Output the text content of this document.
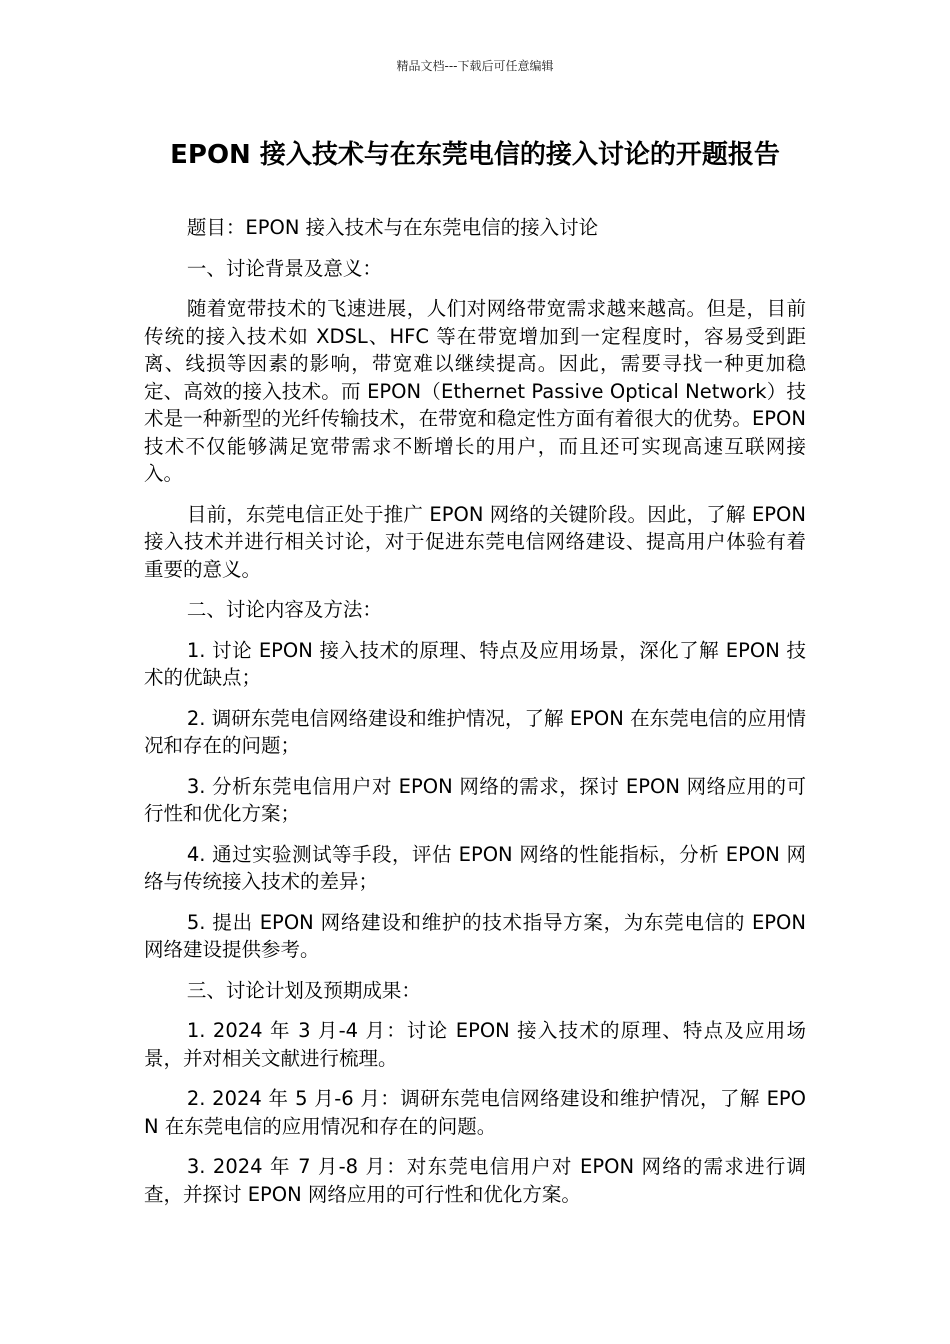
精品文档---下载后可任意编辑
EPON 接入技术与在东莞电信的接入讨论的开题报告

题目：EPON 接入技术与在东莞电信的接入讨论

一、讨论背景及意义：

随着宽带技术的飞速进展，人们对网络带宽需求越来越高。但是，目前传统的接入技术如 XDSL、HFC 等在带宽增加到一定程度时，容易受到距离、线损等因素的影响，带宽难以继续提高。因此，需要寻找一种更加稳定、高效的接入技术。而 EPON（Ethernet Passive Optical Network）技术是一种新型的光纤传输技术，在带宽和稳定性方面有着很大的优势。EPON 技术不仅能够满足宽带需求不断增长的用户，而且还可实现高速互联网接入。

目前，东莞电信正处于推广 EPON 网络的关键阶段。因此，了解 EPON 接入技术并进行相关讨论，对于促进东莞电信网络建设、提高用户体验有着重要的意义。

二、讨论内容及方法：

1. 讨论 EPON 接入技术的原理、特点及应用场景，深化了解 EPON 技术的优缺点；

2. 调研东莞电信网络建设和维护情况，了解 EPON 在东莞电信的应用情况和存在的问题；

3. 分析东莞电信用户对 EPON 网络的需求，探讨 EPON 网络应用的可行性和优化方案；

4. 通过实验测试等手段，评估 EPON 网络的性能指标，分析 EPON 网络与传统接入技术的差异；

5. 提出 EPON 网络建设和维护的技术指导方案，为东莞电信的 EPON 网络建设提供参考。

三、讨论计划及预期成果：

1. 2024 年 3 月-4 月：讨论 EPON 接入技术的原理、特点及应用场景，并对相关文献进行梳理。

2. 2024 年 5 月-6 月：调研东莞电信网络建设和维护情况，了解 EPON 在东莞电信的应用情况和存在的问题。

3. 2024 年 7 月-8 月：对东莞电信用户对 EPON 网络的需求进行调查，并探讨 EPON 网络应用的可行性和优化方案。
